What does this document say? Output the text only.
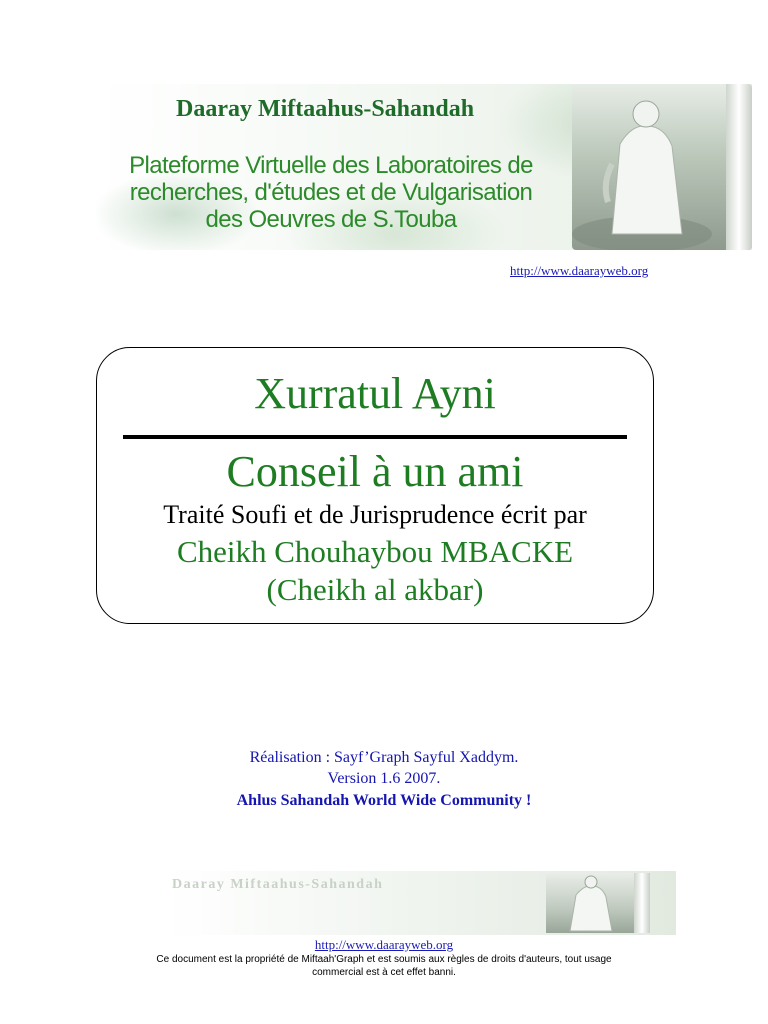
Daaray Miftaahus-Sahandah
Plateforme Virtuelle des Laboratoires de
recherches, d'études et de Vulgarisation
des Oeuvres de S.Touba
http://www.daarayweb.org
Xurratul Ayni
Conseil à un ami
Traité Soufi et de Jurisprudence écrit par
Cheikh Chouhaybou MBACKE
(Cheikh al akbar)
Réalisation : Sayf’Graph Sayful Xaddym.
Version 1.6 2007.
Ahlus Sahandah World Wide Community !
Daaray Miftaahus-Sahandah
http://www.daarayweb.org
Ce document est la propriété de Miftaah'Graph et est soumis aux règles de droits d'auteurs, tout usage
commercial est à cet effet banni.
